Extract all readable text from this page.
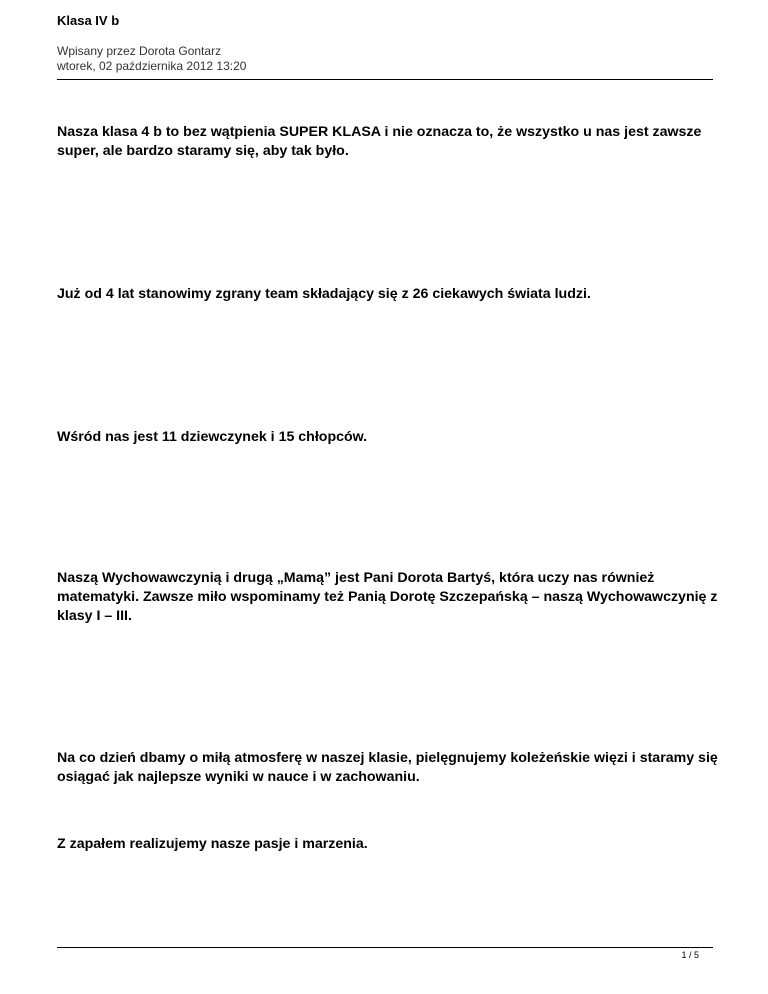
Klasa IV b
Wpisany przez Dorota Gontarz
wtorek, 02 października 2012 13:20

Nasza klasa 4 b to bez wątpienia SUPER KLASA i nie oznacza to, że wszystko u nas jest zawsze super, ale bardzo staramy się, aby tak było.

Już od 4 lat stanowimy zgrany team składający się z 26 ciekawych świata ludzi.

Wśród nas jest 11 dziewczynek i 15 chłopców.

Naszą Wychowawczynią i drugą „Mamą” jest Pani Dorota Bartyś, która uczy nas również matematyki. Zawsze miło wspominamy też Panią Dorotę Szczepańską – naszą Wychowawczynię z klasy I – III.

Na co dzień dbamy o miłą atmosferę w naszej klasie, pielęgnujemy koleżeńskie więzi i staramy się osiągać jak najlepsze wyniki w nauce i w zachowaniu.

Z zapałem realizujemy nasze pasje i marzenia.

1 / 5
